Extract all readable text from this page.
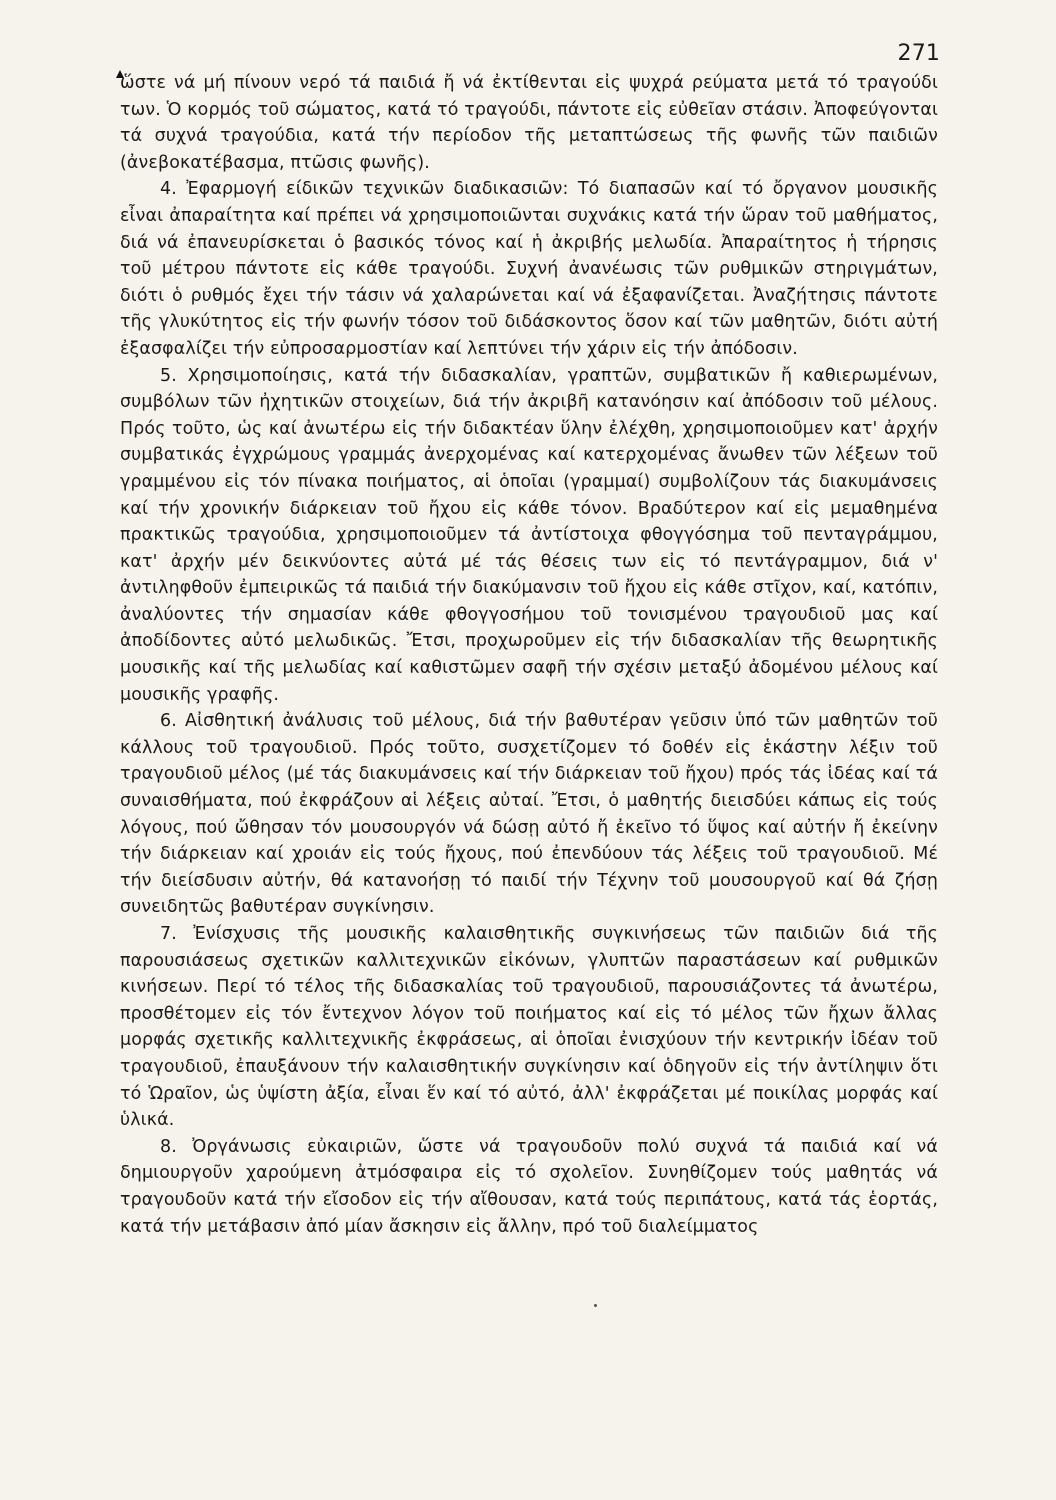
271

ὥστε νά μή πίνουν νερό τά παιδιά ἤ νά ἐκτίθενται εἰς ψυχρά ρεύματα μετά τό τραγούδι των. Ὁ κορμός τοῦ σώματος, κατά τό τραγούδι, πάντοτε εἰς εὐθεῖαν στάσιν. Ἀποφεύγονται τά συχνά τραγούδια, κατά τήν περίοδον τῆς μεταπτώσεως τῆς φωνῆς τῶν παιδιῶν (ἀνεβοκατέβασμα, πτῶσις φωνῆς).

4. Ἐφαρμογή είδικῶν τεχνικῶν διαδικασιῶν: Τό διαπασῶν καί τό ὄργανον μουσικῆς εἶναι ἀπαραίτητα καί πρέπει νά χρησιμοποιῶνται συχνάκις κατά τήν ὥραν τοῦ μαθήματος, διά νά ἐπανευρίσκεται ὁ βασικός τόνος καί ἡ ἀκριβής μελωδία. Ἀπαραίτητος ἡ τήρησις τοῦ μέτρου πάντοτε εἰς κάθε τραγούδι. Συχνή ἀνανέωσις τῶν ρυθμικῶν στηριγμάτων, διότι ὁ ρυθμός ἔχει τήν τάσιν νά χαλαρώνεται καί νά ἐξαφανίζεται. Ἀναζήτησις πάντοτε τῆς γλυκύτητος εἰς τήν φωνήν τόσον τοῦ διδάσκοντος ὅσον καί τῶν μαθητῶν, διότι αὐτή ἐξασφαλίζει τήν εὐπροσαρμοστίαν καί λεπτύνει τήν χάριν εἰς τήν ἀπόδοσιν.

5. Χρησιμοποίησις, κατά τήν διδασκαλίαν, γραπτῶν, συμβατικῶν ἤ καθιερωμένων, συμβόλων τῶν ἠχητικῶν στοιχείων, διά τήν ἀκριβῆ κατανόησιν καί ἀπόδοσιν τοῦ μέλους. Πρός τοῦτο, ὡς καί ἀνωτέρω εἰς τήν διδακτέαν ὕλην ἐλέχθη, χρησιμοποιοῦμεν κατ' ἀρχήν συμβατικάς ἐγχρώμους γραμμάς ἀνερχομένας καί κατερχομένας ἄνωθεν τῶν λέξεων τοῦ γραμμένου εἰς τόν πίνακα ποιήματος, αἱ ὁποῖαι (γραμμαί) συμβολίζουν τάς διακυμάνσεις καί τήν χρονικήν διάρκειαν τοῦ ἤχου εἰς κάθε τόνον. Βραδύτερον καί εἰς μεμαθημένα πρακτικῶς τραγούδια, χρησιμοποιοῦμεν τά ἀντίστοιχα φθογγόσημα τοῦ πενταγράμμου, κατ' ἀρχήν μέν δεικνύοντες αὐτά μέ τάς θέσεις των εἰς τό πεντάγραμμον, διά ν' ἀντιληφθοῦν ἐμπειρικῶς τά παιδιά τήν διακύμανσιν τοῦ ἤχου εἰς κάθε στῖχον, καί, κατόπιν, ἀναλύοντες τήν σημασίαν κάθε φθογγοσήμου τοῦ τονισμένου τραγουδιοῦ μας καί ἀποδίδοντες αὐτό μελωδικῶς. Ἔτσι, προχωροῦμεν εἰς τήν διδασκαλίαν τῆς θεωρητικῆς μουσικῆς καί τῆς μελωδίας καί καθιστῶμεν σαφῆ τήν σχέσιν μεταξύ ἀδομένου μέλους καί μουσικῆς γραφῆς.

6. Αἰσθητική ἀνάλυσις τοῦ μέλους, διά τήν βαθυτέραν γεῦσιν ὑπό τῶν μαθητῶν τοῦ κάλλους τοῦ τραγουδιοῦ. Πρός τοῦτο, συσχετίζομεν τό δοθέν εἰς ἑκάστην λέξιν τοῦ τραγουδιοῦ μέλος (μέ τάς διακυμάνσεις καί τήν διάρκειαν τοῦ ἤχου) πρός τάς ἰδέας καί τά συναισθήματα, πού ἐκφράζουν αἱ λέξεις αὐταί. Ἔτσι, ὁ μαθητής διεισδύει κάπως εἰς τούς λόγους, πού ὤθησαν τόν μουσουργόν νά δώσῃ αὐτό ἤ ἐκεῖνο τό ὕψος καί αὐτήν ἤ ἐκείνην τήν διάρκειαν καί χροιάν εἰς τούς ἤχους, πού ἐπενδύουν τάς λέξεις τοῦ τραγουδιοῦ. Μέ τήν διείσδυσιν αὐτήν, θά κατανοήσῃ τό παιδί τήν Τέχνην τοῦ μουσουργοῦ καί θά ζήσῃ συνειδητῶς βαθυτέραν συγκίνησιν.

7. Ἐνίσχυσις τῆς μουσικῆς καλαισθητικῆς συγκινήσεως τῶν παιδιῶν διά τῆς παρουσιάσεως σχετικῶν καλλιτεχνικῶν εἰκόνων, γλυπτῶν παραστάσεων καί ρυθμικῶν κινήσεων. Περί τό τέλος τῆς διδασκαλίας τοῦ τραγουδιοῦ, παρουσιάζοντες τά ἀνωτέρω, προσθέτομεν εἰς τόν ἔντεχνον λόγον τοῦ ποιήματος καί εἰς τό μέλος τῶν ἤχων ἄλλας μορφάς σχετικῆς καλλιτεχνικῆς ἐκφράσεως, αἱ ὁποῖαι ἐνισχύουν τήν κεντρικήν ἰδέαν τοῦ τραγουδιοῦ, ἐπαυξάνουν τήν καλαισθητικήν συγκίνησιν καί ὁδηγοῦν εἰς τήν ἀντίληψιν ὅτι τό Ὡραῖον, ὡς ὑψίστη ἀξία, εἶναι ἕν καί τό αὐτό, ἀλλ' ἐκφράζεται μέ ποικίλας μορφάς καί ὑλικά.

8. Ὀργάνωσις εὐκαιριῶν, ὥστε νά τραγουδοῦν πολύ συχνά τά παιδιά καί νά δημιουργοῦν χαρούμενη ἀτμόσφαιρα εἰς τό σχολεῖον. Συνηθίζομεν τούς μαθητάς νά τραγουδοῦν κατά τήν εἴσοδον εἰς τήν αἴθουσαν, κατά τούς περιπάτους, κατά τάς ἑορτάς, κατά τήν μετάβασιν ἀπό μίαν ἄσκησιν εἰς ἄλλην, πρό τοῦ διαλείμματος
